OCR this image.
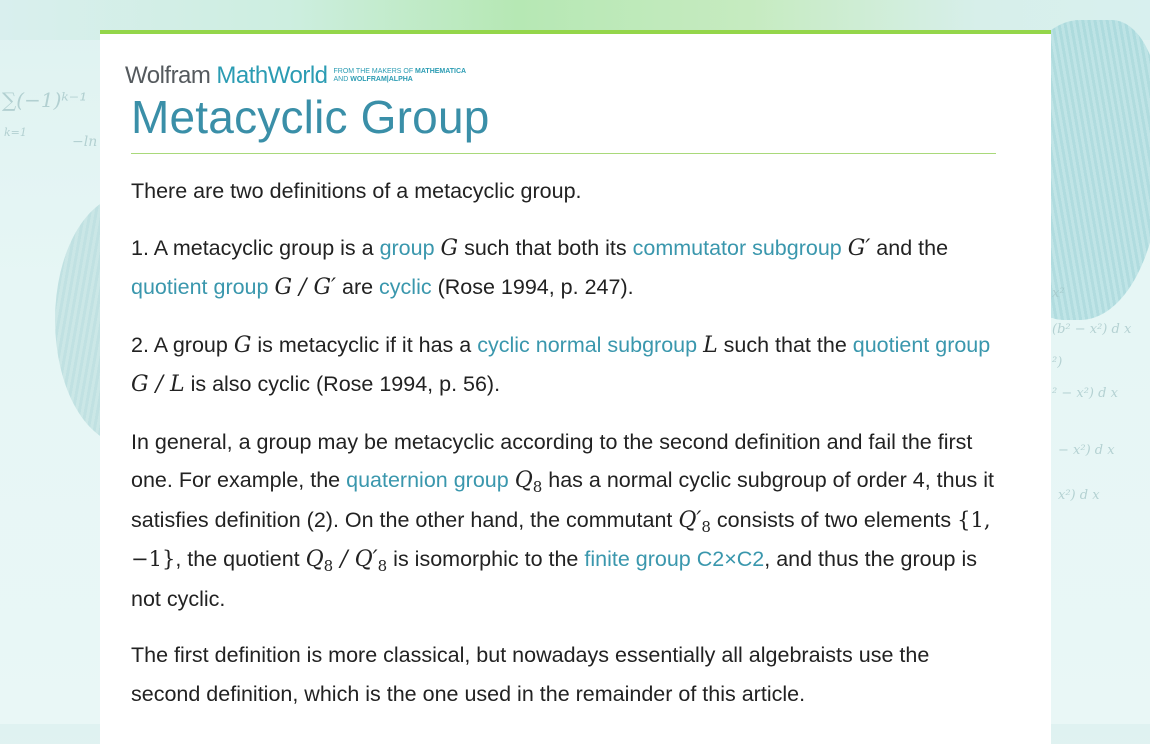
∑(−1)ᵏ⁻¹
k=1
−ln
x²
(b² − x²) d x
²)
² − x²) d x
− x²) d x
x²) d x
Wolfram MathWorld FROM THE MAKERS OF MATHEMATICA
AND WOLFRAM|ALPHA
Metacyclic Group

There are two definitions of a metacyclic group.

1. A metacyclic group is a group G such that both its commutator subgroup G′ and the quotient group G / G′ are cyclic (Rose 1994, p. 247).

2. A group G is metacyclic if it has a cyclic normal subgroup L such that the quotient group G / L is also cyclic (Rose 1994, p. 56).

In general, a group may be metacyclic according to the second definition and fail the first one. For example, the quaternion group $Q_8$ has a normal cyclic subgroup of order 4, thus it satisfies definition (2). On the other hand, the commutant $Q'_8$ consists of two elements {1, −1}, the quotient $Q_8 / Q'_8$ is isomorphic to the finite group C2×C2, and thus the group is not cyclic.

The first definition is more classical, but nowadays essentially all algebraists use the second definition, which is the one used in the remainder of this article.
